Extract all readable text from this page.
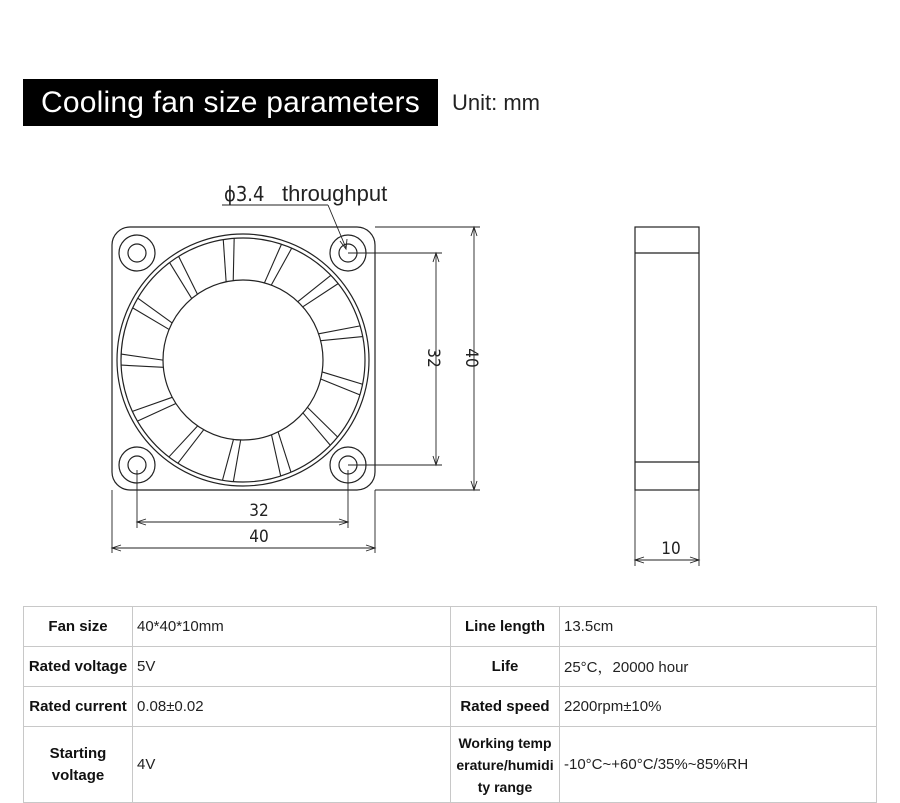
Cooling fan size parameters	Unit: mm
32 40
32
40
ϕ3.4 throughput
10
Fan size	40*40*10mm	Line length	13.5cm
Rated voltage	5V	Life	25°C，20000 hour
Rated current	0.08±0.02	Rated speed	2200rpm±10%
Starting voltage	4V	Working temperature/humidity range	-10°C~+60°C/35%~85%RH
